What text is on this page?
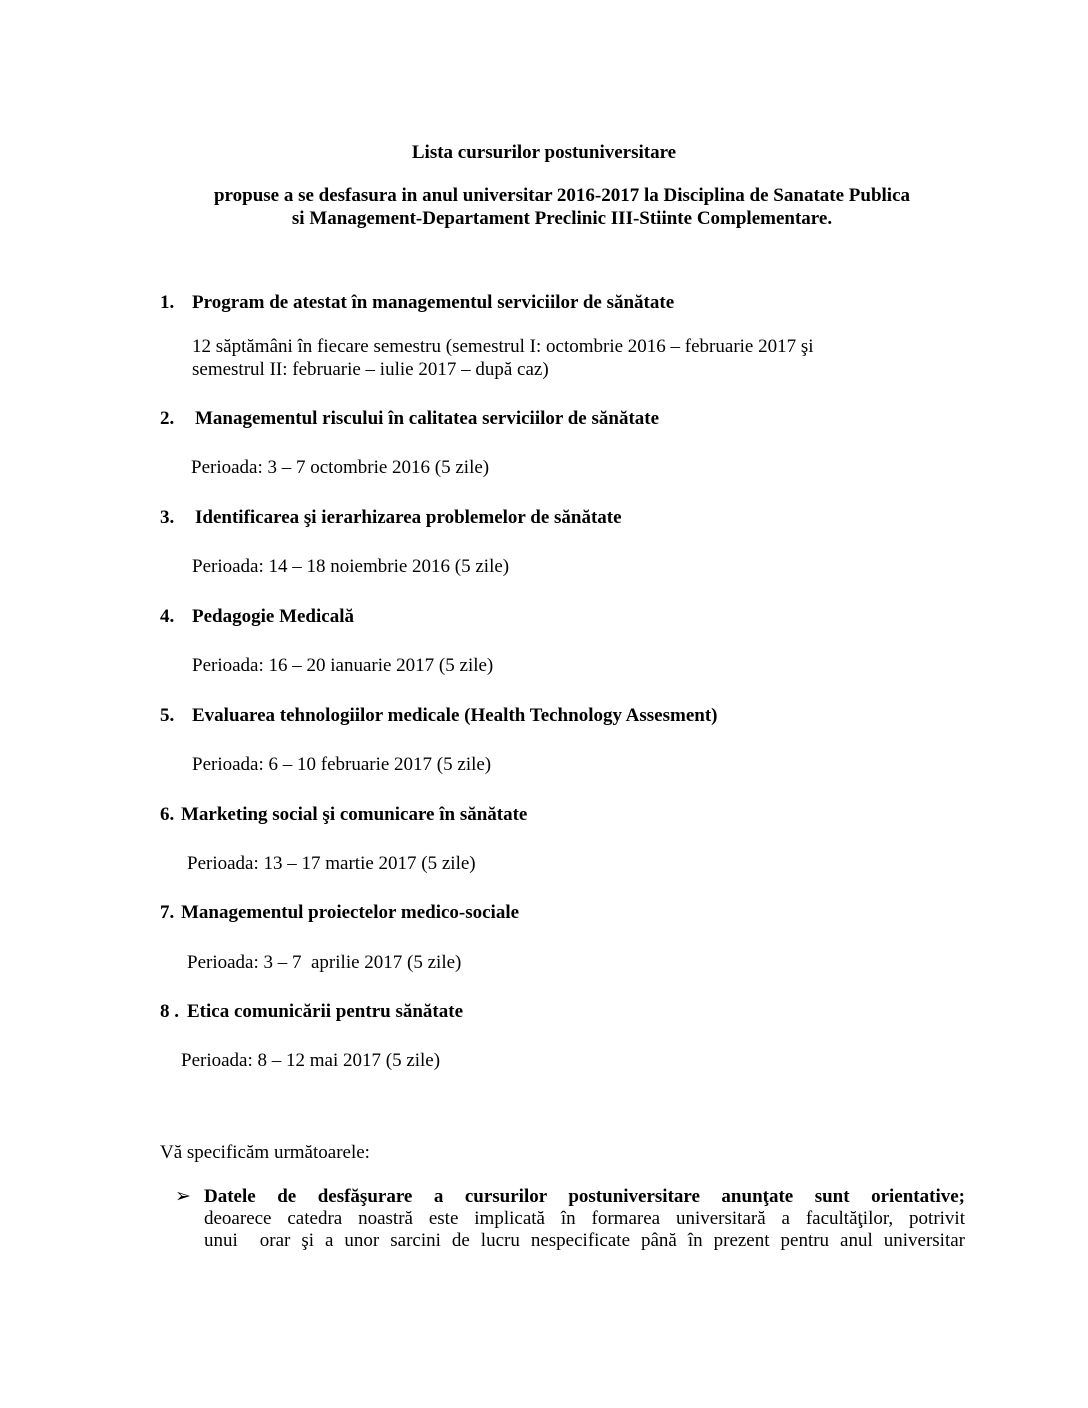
Lista cursurilor postuniversitare
propuse a se desfasura in anul universitar 2016-2017 la Disciplina de Sanatate Publica
si Management-Departament Preclinic III-Stiinte Complementare.
1. Program de atestat în managementul serviciilor de sănătate
12 săptămâni în fiecare semestru (semestrul I: octombrie 2016 – februarie 2017 şi
semestrul II: februarie – iulie 2017 – după caz)
2. Managementul riscului în calitatea serviciilor de sănătate
Perioada: 3 – 7 octombrie 2016 (5 zile)
3. Identificarea şi ierarhizarea problemelor de sănătate
Perioada: 14 – 18 noiembrie 2016 (5 zile)
4. Pedagogie Medicală
Perioada: 16 – 20 ianuarie 2017 (5 zile)
5. Evaluarea tehnologiilor medicale (Health Technology Assesment)
Perioada: 6 – 10 februarie 2017 (5 zile)
6. Marketing social şi comunicare în sănătate
Perioada: 13 – 17 martie 2017 (5 zile)
7. Managementul proiectelor medico-sociale
Perioada: 3 – 7  aprilie 2017 (5 zile)
8 . Etica comunicării pentru sănătate
Perioada: 8 – 12 mai 2017 (5 zile)
Vă specificăm următoarele:
➢ Datele de desfăşurare a cursurilor postuniversitare anunţate sunt orientative;
deoarece catedra noastră este implicată în formarea universitară a facultăţilor, potrivit
unui  orar şi a unor sarcini de lucru nespecificate până în prezent pentru anul universitar
